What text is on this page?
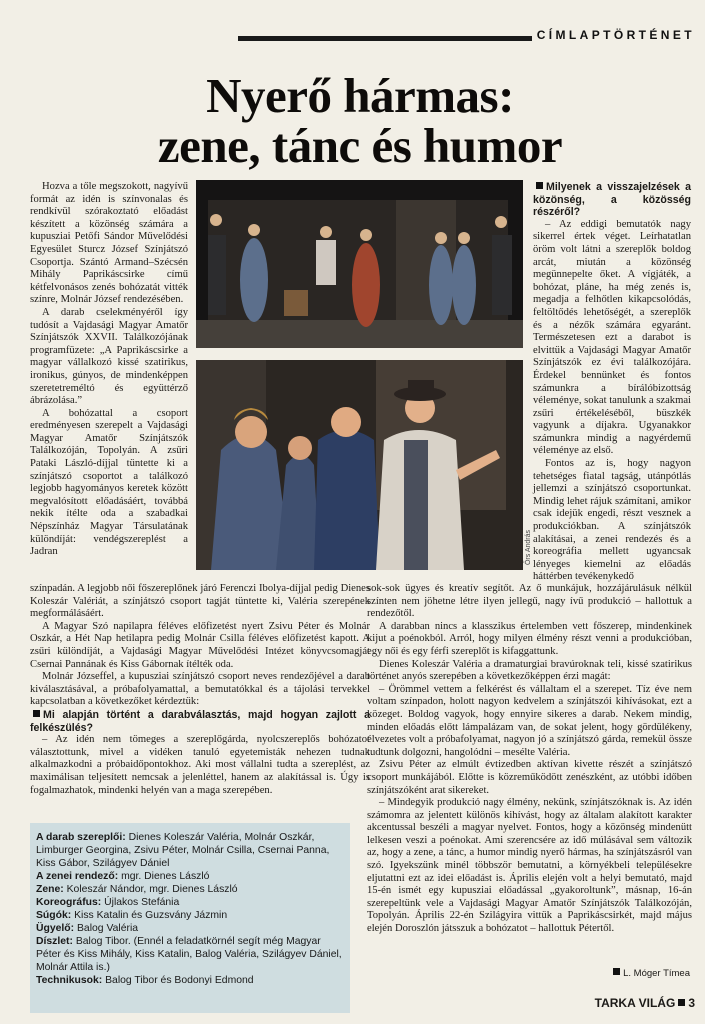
CÍMLAPTÖRTÉNET
Nyerő hármas:
zene, tánc és humor

Hozva a tőle megszokott, nagyívű formát az idén is színvonalas és rendkívül szórakoztató előadást készített a közönség számára a kupusziai Petőfi Sándor Művelődési Egyesület Sturcz József Színjátszó Csoportja. Szántó Armand–Szécsén Mihály Paprikáscsirke című kétfelvonásos zenés bohózatát vitték színre, Molnár József rendezésében.

A darab cselekményéről így tudósít a Vajdasági Magyar Amatőr Színjátszók XXVII. Találkozójának programfüzete: „A Paprikáscsirke a magyar vállalkozó kissé szatirikus, ironikus, gúnyos, de mindenképpen szeretetreméltó és együttérző ábrázolása.”

A bohózattal a csoport eredményesen szerepelt a Vajdasági Magyar Amatőr Színjátszók Találkozóján, Topolyán. A zsűri Pataki László-díjjal tüntette ki a színjátszó csoportot a találkozó legjobb hagyományos keretek között megvalósított előadásáért, továbbá nekik ítélte oda a szabadkai Népszínház Magyar Társulatának különdíját: vendégszereplést a Jadran	Őrs András

Milyenek a visszajelzések a közönség, a közösség részéről?

– Az eddigi bemutatók nagy sikerrel értek véget. Leírhatatlan öröm volt látni a szereplők boldog arcát, miután a közönség megünnepelte őket. A vígjáték, a bohózat, pláne, ha még zenés is, megadja a felhőtlen kikapcsolódás, feltöltődés lehetőségét, a szereplők és a nézők számára egyaránt. Természetesen ezt a darabot is elvittük a Vajdasági Magyar Amatőr Színjátszók ez évi találkozójára. Érdekel bennünket és fontos számunkra a bírálóbizottság véleménye, sokat tanulunk a szakmai zsűri értékeléséből, büszkék vagyunk a díjakra. Ugyanakkor számunkra mindig a nagyérdemű véleménye az első.

Fontos az is, hogy nagyon tehetséges fiatal tagság, utánpótlás jellemzi a színjátszó csoportunkat. Mindig lehet rájuk számítani, amikor csak idejük engedi, részt vesznek a produkciókban. A színjátszók alakításai, a zenei rendezés és a koreográfia mellett ugyancsak lényeges kiemelni az előadás háttérben tevékenykedő

színpadán. A legjobb női főszereplőnek járó Ferenczi Ibolya-díjjal pedig Dienes Koleszár Valériát, a színjátszó csoport tagját tüntette ki, Valéria szerepének megformálásáért.

A Magyar Szó napilapra féléves előfizetést nyert Zsivu Péter és Molnár Oszkár, a Hét Nap hetilapra pedig Molnár Csilla féléves előfizetést kapott. A zsűri különdíját, a Vajdasági Magyar Művelődési Intézet könyvcsomagját Csernai Pannának és Kiss Gábornak ítélték oda.

Molnár Józseffel, a kupusziai színjátszó csoport neves rendezőjével a darab kiválasztásával, a próbafolyamattal, a bemutatókkal és a tájolási tervekkel kapcsolatban a következőket kérdeztük:

Mi alapján történt a darabválasztás, majd hogyan zajlott a felkészülés?

– Az idén nem tömeges a szereplőgárda, nyolcszereplős bohózatot választottunk, mivel a vidéken tanuló egyetemisták nehezen tudnak alkalmazkodni a próbaidőpontokhoz. Aki most vállalni tudta a szereplést, az maximálisan teljesített nemcsak a jelenléttel, hanem az alakítással is. Úgy is fogalmazhatok, mindenki helyén van a maga szerepében.

sok-sok ügyes és kreatív segítőt. Az ő munkájuk, hozzájárulásuk nélkül színten nem jöhetne létre ilyen jellegű, nagy ívű produkció – hallottuk a rendezőtől.

A darabban nincs a klasszikus értelemben vett főszerep, mindenkinek kijut a poénokból. Arról, hogy milyen élmény részt venni a produkcióban, egy női és egy férfi szereplőt is kifaggattunk.

Dienes Koleszár Valéria a dramaturgiai bravúroknak teli, kissé szatirikus történet anyós szerepében a következőképpen érzi magát:

– Örömmel vettem a felkérést és vállaltam el a szerepet. Tíz éve nem voltam színpadon, holott nagyon kedvelem a színjátszói kihívásokat, ezt a közeget. Boldog vagyok, hogy ennyire sikeres a darab. Nekem mindig, minden előadás előtt lámpalázam van, de sokat jelent, hogy gördülékeny, élvezetes volt a próbafolyamat, nagyon jó a színjátszó gárda, remekül össze tudtunk dolgozni, hangolódni – mesélte Valéria.

Zsivu Péter az elmúlt évtizedben aktívan kivette részét a színjátszó csoport munkájából. Előtte is közreműködött zenészként, az utóbbi időben színjátszóként arat sikereket.

– Mindegyik produkció nagy élmény, nekünk, színjátszóknak is. Az idén számomra az jelentett különös kihívást, hogy az általam alakított karakter akcentussal beszéli a magyar nyelvet. Fontos, hogy a közönség mindenütt lelkesen veszi a poénokat. Ami szerencsére az idő múlásával sem változik az, hogy a zene, a tánc, a humor mindig nyerő hármas, ha színjátszásról van szó. Igyekszünk minél többször bemutatni, a környékbeli településekre eljutattni ezt az idei előadást is. Április elején volt a helyi bemutató, majd 15-én ismét egy kupusziai előadással „gyakoroltunk”, másnap, 16-án szerepeltünk vele a Vajdasági Magyar Amatőr Színjátszók Találkozóján, Topolyán. Április 22-én Szilágyira vittük a Paprikáscsirkét, majd május elején Doroszlón játsszuk a bohózatot – hallottuk Pétertől.

A darab szereplői: Dienes Koleszár Valéria, Molnár Oszkár, Limburger Georgina, Zsivu Péter, Molnár Csilla, Csernai Panna, Kiss Gábor, Szilágyev Dániel
A zenei rendező: mgr. Dienes László
Zene: Koleszár Nándor, mgr. Dienes László
Koreográfus: Újlakos Stefánia
Súgók: Kiss Katalin és Guzsvány Jázmin
Ügyelő: Balog Valéria
Díszlet: Balog Tibor. (Ennél a feladatkörnél segít még Magyar Péter és Kiss Mihály, Kiss Katalin, Balog Valéria, Szilágyev Dániel, Molnár Attila is.)
Technikusok: Balog Tibor és Bodonyi Edmond
L. Móger Tímea
TARKA VILÁG 3
